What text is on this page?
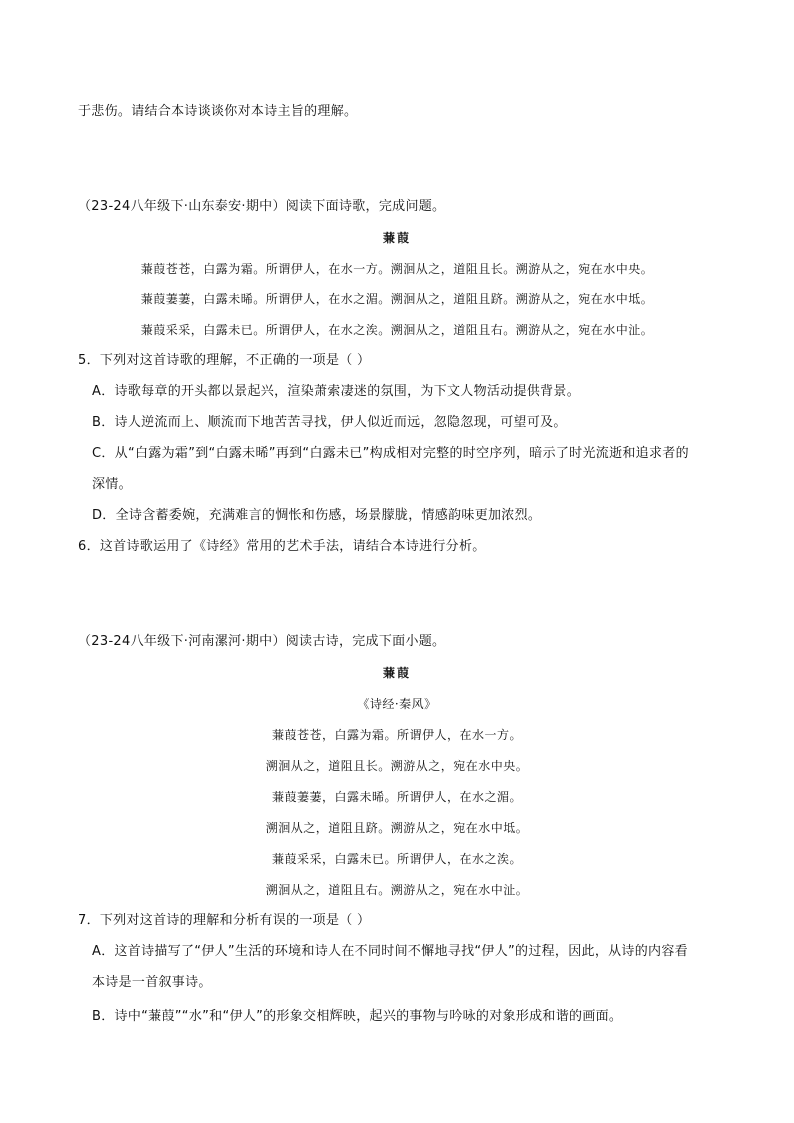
于悲伤。请结合本诗谈谈你对本诗主旨的理解。
（23-24八年级下·山东泰安·期中）阅读下面诗歌，完成问题。
蒹葭
蒹葭苍苍，白露为霜。所谓伊人，在水一方。溯洄从之，道阻且长。溯游从之，宛在水中央。
蒹葭萋萋，白露未晞。所谓伊人，在水之湄。溯洄从之，道阻且跻。溯游从之，宛在水中坻。
蒹葭采采，白露未已。所谓伊人，在水之涘。溯洄从之，道阻且右。溯游从之，宛在水中沚。
5．下列对这首诗歌的理解，不正确的一项是（ ）
A．诗歌每章的开头都以景起兴，渲染萧索凄迷的氛围，为下文人物活动提供背景。
B．诗人逆流而上、顺流而下地苦苦寻找，伊人似近而远，忽隐忽现，可望可及。
C．从“白露为霜”到“白露未晞”再到“白露未已”构成相对完整的时空序列，暗示了时光流逝和追求者的
深情。
D．全诗含蓄委婉，充满难言的惆怅和伤感，场景朦胧，情感韵味更加浓烈。
6．这首诗歌运用了《诗经》常用的艺术手法，请结合本诗进行分析。
（23-24八年级下·河南漯河·期中）阅读古诗，完成下面小题。
蒹葭
《诗经·秦风》
蒹葭苍苍，白露为霜。所谓伊人，在水一方。
溯洄从之，道阻且长。溯游从之，宛在水中央。
蒹葭萋萋，白露未晞。所谓伊人，在水之湄。
溯洄从之，道阻且跻。溯游从之，宛在水中坻。
蒹葭采采，白露未已。所谓伊人，在水之涘。
溯洄从之，道阻且右。溯游从之，宛在水中沚。
7．下列对这首诗的理解和分析有误的一项是（ ）
A．这首诗描写了“伊人”生活的环境和诗人在不同时间不懈地寻找“伊人”的过程，因此，从诗的内容看
本诗是一首叙事诗。
B．诗中“蒹葭”“水”和“伊人”的形象交相辉映，起兴的事物与吟咏的对象形成和谐的画面。
